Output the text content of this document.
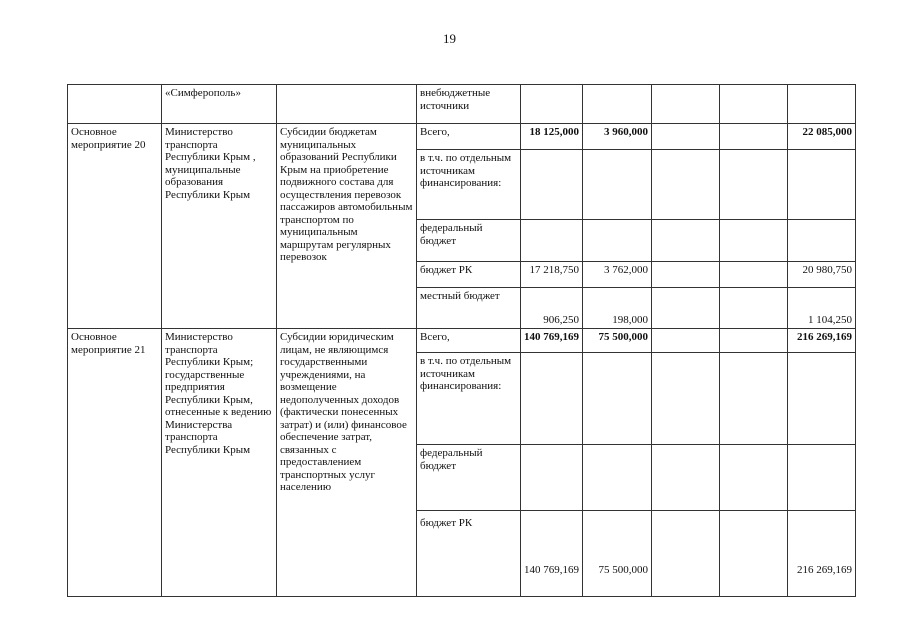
19
	«Симферополь»		внебюджетные источники					
Основное мероприятие 20	Министерство транспорта Республики Крым , муниципальные образования Республики Крым	Субсидии бюджетам муниципальных образований Республики Крым на приобретение подвижного состава для осуществления перевозок пассажиров автомобильным транспортом по муниципальным маршрутам регулярных перевозок	Всего,	18 125,000	3 960,000			22 085,000
			в т.ч. по отдельным источникам финансирования:					
			федеральный бюджет					
			бюджет РК	17 218,750	3 762,000			20 980,750
			местный бюджет	906,250	198,000			1 104,250
Основное мероприятие 21	Министерство транспорта Республики Крым; государственные предприятия Республики Крым, отнесенные к ведению Министерства транспорта Республики Крым	Субсидии юридическим лицам, не являющимся государственными учреждениями, на возмещение недополученных доходов (фактически понесенных затрат) и (или) финансовое обеспечение затрат, связанных с предоставлением транспортных услуг населению	Всего,	140 769,169	75 500,000			216 269,169
			в т.ч. по отдельным источникам финансирования:					
			федеральный бюджет					
			бюджет РК	140 769,169	75 500,000			216 269,169
